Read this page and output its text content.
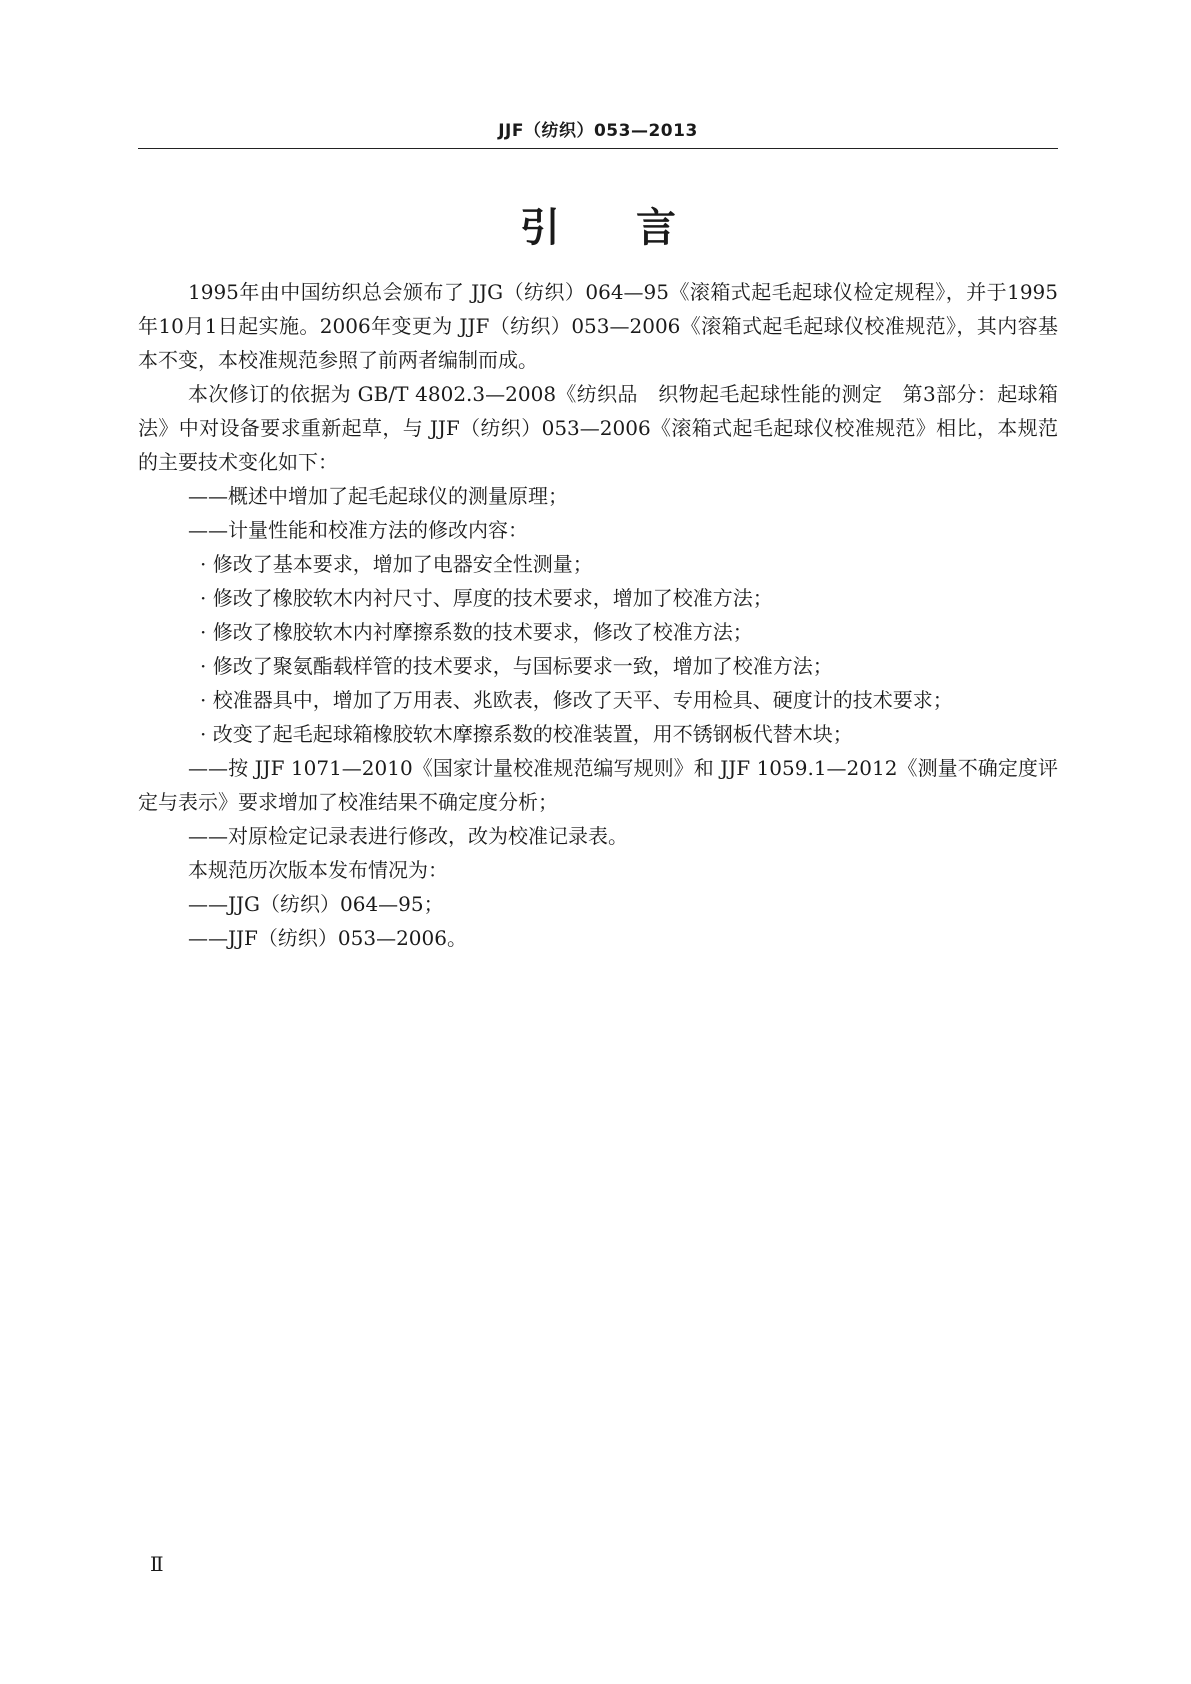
JJF（纺织）053—2013
引言

1995年由中国纺织总会颁布了 JJG（纺织）064—95《滚箱式起毛起球仪检定规程》，并于1995年10月1日起实施。2006年变更为 JJF（纺织）053—2006《滚箱式起毛起球仪校准规范》，其内容基本不变，本校准规范参照了前两者编制而成。

本次修订的依据为 GB/T 4802.3—2008《纺织品　织物起毛起球性能的测定　第3部分：起球箱法》中对设备要求重新起草，与 JJF（纺织）053—2006《滚箱式起毛起球仪校准规范》相比，本规范的主要技术变化如下：

——概述中增加了起毛起球仪的测量原理；

——计量性能和校准方法的修改内容：

· 修改了基本要求，增加了电器安全性测量；

· 修改了橡胶软木内衬尺寸、厚度的技术要求，增加了校准方法；

· 修改了橡胶软木内衬摩擦系数的技术要求，修改了校准方法；

· 修改了聚氨酯载样管的技术要求，与国标要求一致，增加了校准方法；

· 校准器具中，增加了万用表、兆欧表，修改了天平、专用检具、硬度计的技术要求；

· 改变了起毛起球箱橡胶软木摩擦系数的校准装置，用不锈钢板代替木块；

——按 JJF 1071—2010《国家计量校准规范编写规则》和 JJF 1059.1—2012《测量不确定度评定与表示》要求增加了校准结果不确定度分析；

——对原检定记录表进行修改，改为校准记录表。

本规范历次版本发布情况为：

——JJG（纺织）064—95；

——JJF（纺织）053—2006。

Ⅱ
